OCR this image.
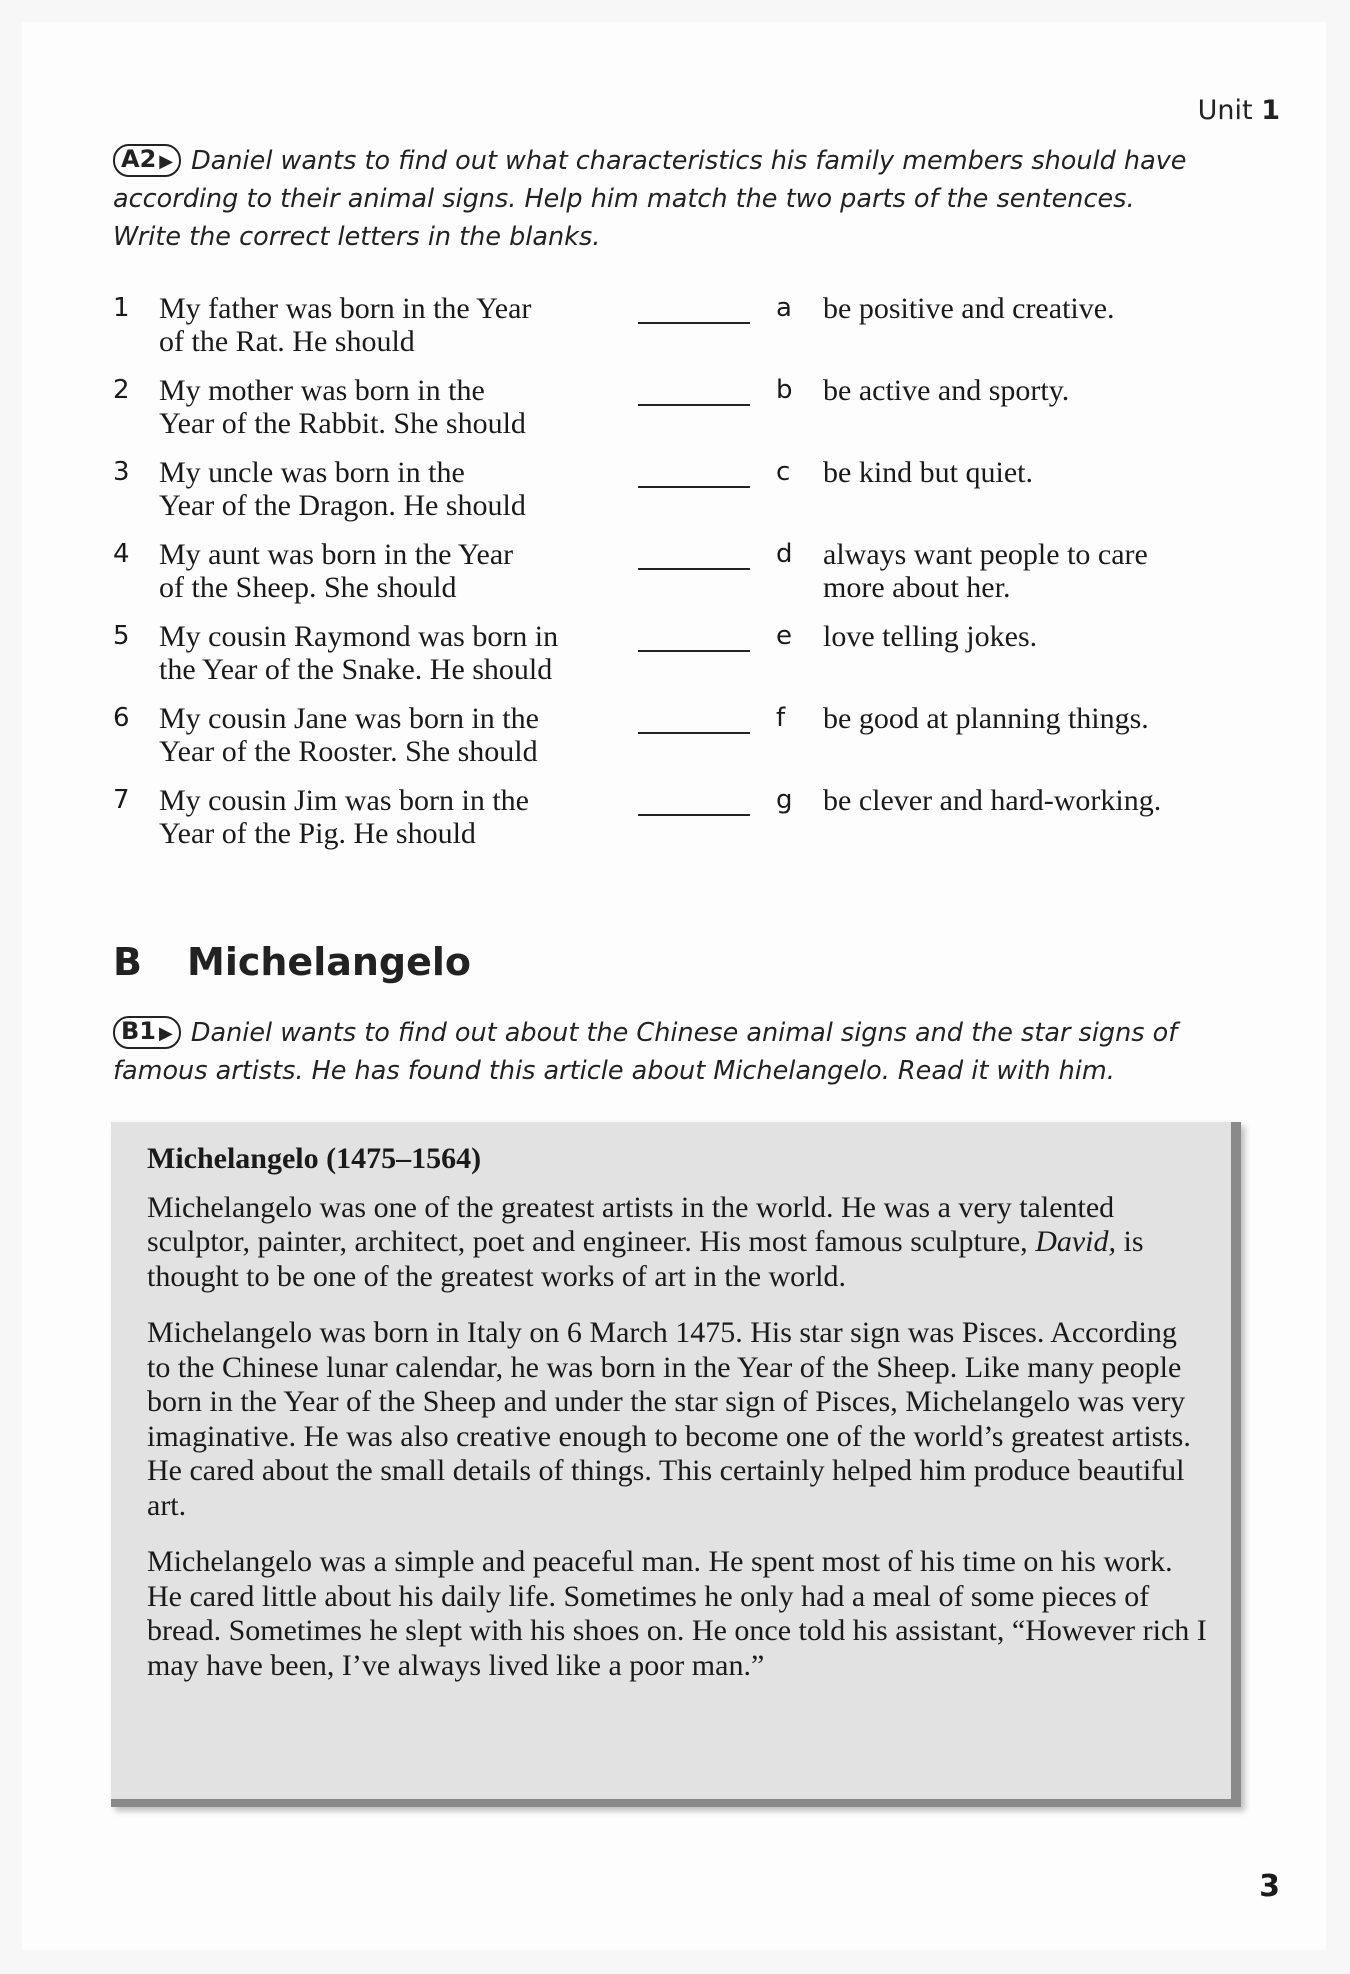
Unit 1
A2 ▶ Daniel wants to find out what characteristics his family members should have according to their animal signs. Help him match the two parts of the sentences. Write the correct letters in the blanks.
1 My father was born in the Year
of the Rat. He should
a be positive and creative.
2 My mother was born in the
Year of the Rabbit. She should
b be active and sporty.
3 My uncle was born in the
Year of the Dragon. He should
c be kind but quiet.
4 My aunt was born in the Year
of the Sheep. She should
d always want people to care
more about her.
5 My cousin Raymond was born in
the Year of the Snake. He should
e love telling jokes.
6 My cousin Jane was born in the
Year of the Rooster. She should
f be good at planning things.
7 My cousin Jim was born in the
Year of the Pig. He should
g be clever and hard-working.
B Michelangelo
B1 ▶ Daniel wants to find out about the Chinese animal signs and the star signs of famous artists. He has found this article about Michelangelo. Read it with him.
Michelangelo (1475–1564)

Michelangelo was one of the greatest artists in the world. He was a very talented sculptor, painter, architect, poet and engineer. His most famous sculpture, David, is thought to be one of the greatest works of art in the world.

Michelangelo was born in Italy on 6 March 1475. His star sign was Pisces. According to the Chinese lunar calendar, he was born in the Year of the Sheep. Like many people born in the Year of the Sheep and under the star sign of Pisces, Michelangelo was very imaginative. He was also creative enough to become one of the world’s greatest artists. He cared about the small details of things. This certainly helped him produce beautiful art.

Michelangelo was a simple and peaceful man. He spent most of his time on his work. He cared little about his daily life. Sometimes he only had a meal of some pieces of bread. Sometimes he slept with his shoes on. He once told his assistant, “However rich I may have been, I’ve always lived like a poor man.”

3
